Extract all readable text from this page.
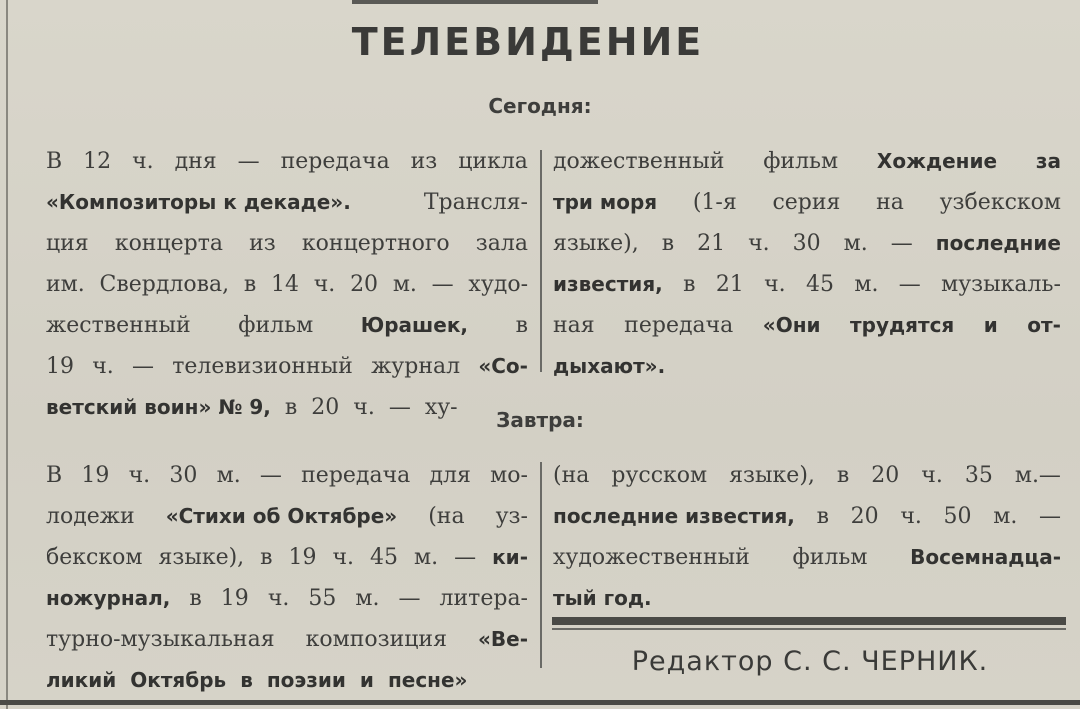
ТЕЛЕВИДЕНИЕ
Сегодня:
В 12 ч. дня — передача из цикла
«Композиторы к декаде».	Трансля-
ция концерта из концертного зала
им. Свердлова, в 14 ч. 20 м. — худо-
жественный фильм Юрашек, в
19 ч. — телевизионный журнал «Со-
ветский воин» № 9, в 20 ч. — ху-
дожественный фильм Хождение за
три моря (1-я серия на узбекском
языке), в 21 ч. 30 м. — последние
известия, в 21 ч. 45 м. — музыкаль-
ная передача «Они трудятся и от-
дыхают».
Завтра:
В 19 ч. 30 м. — передача для мо-
лодежи «Стихи об Октябре» (на уз-
бекском языке), в 19 ч. 45 м. — ки-
ножурнал, в 19 ч. 55 м. — литера-
турно-музыкальная композиция «Ве-
ликий Октябрь в поэзии и песне»
(на русском языке), в 20 ч. 35 м.—
последние известия, в 20 ч. 50 м. —
художественный фильм Восемнадца-
тый год.
Редактор С. С. ЧЕРНИК.
